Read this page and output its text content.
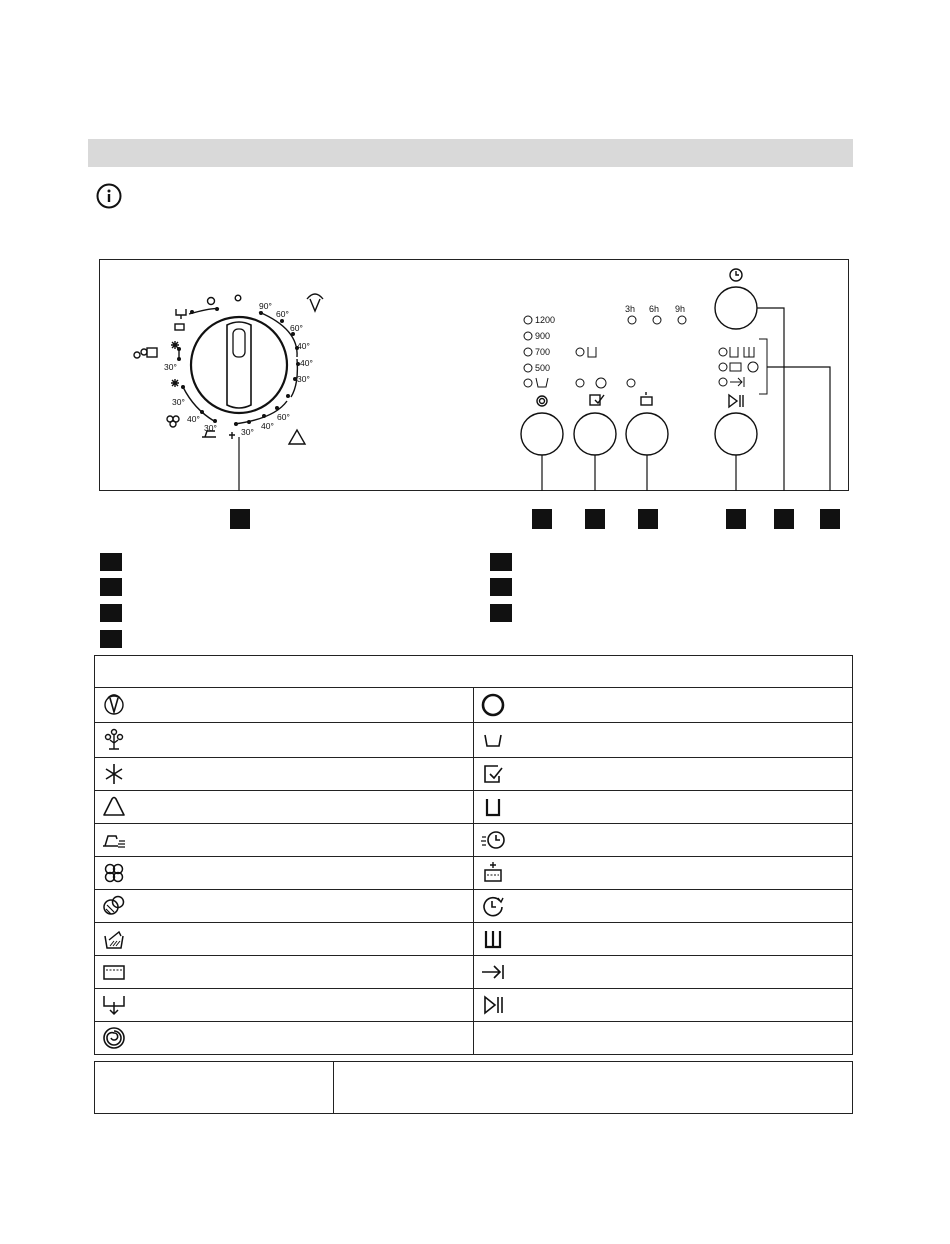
90°
60°
60°
40°
40°
30°
30°
60°
40°
30°
30°
40°
30°
1200
900
700
500
3h 6h 9h
